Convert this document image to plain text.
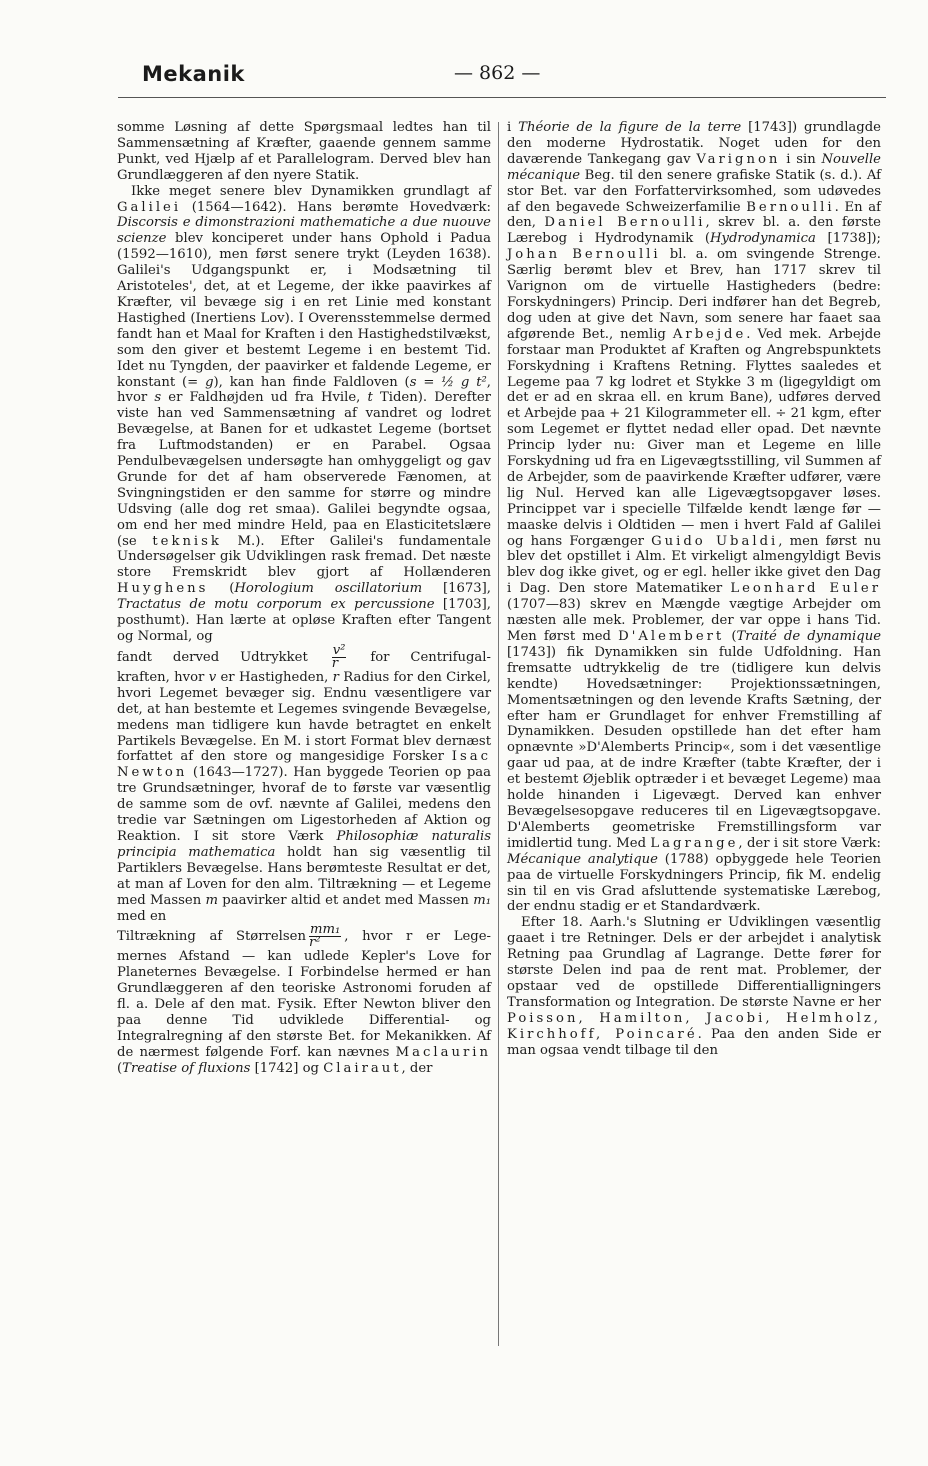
Mekanik	— 862 —

somme Løsning af dette Spørgsmaal ledtes han til Sammensætning af Kræfter, gaaende gennem samme Punkt, ved Hjælp af et Parallelogram. Derved blev han Grundlæggeren af den nyere Statik.

Ikke meget senere blev Dynamikken grundlagt af Galilei (1564—1642). Hans berømte Hovedværk: Discorsis e dimonstrazioni mathematiche a due nuouve scienze blev konciperet under hans Ophold i Padua (1592—1610), men først senere trykt (Leyden 1638). Galilei's Udgangspunkt er, i Modsætning til Aristoteles', det, at et Legeme, der ikke paavirkes af Kræfter, vil bevæge sig i en ret Linie med konstant Hastighed (Inertiens Lov). I Overensstemmelse dermed fandt han et Maal for Kraften i den Hastighedstilvækst, som den giver et bestemt Legeme i en bestemt Tid. Idet nu Tyngden, der paavirker et faldende Legeme, er konstant (= g), kan han finde Faldloven (s = ½ g t², hvor s er Faldhøjden ud fra Hvile, t Tiden). Derefter viste han ved Sammensætning af vandret og lodret Bevægelse, at Banen for et udkastet Legeme (bortset fra Luftmodstanden) er en Parabel. Ogsaa Pendulbevægelsen undersøgte han omhyggeligt og gav Grunde for det af ham observerede Fænomen, at Svingningstiden er den samme for større og mindre Udsving (alle dog ret smaa). Galilei begyndte ogsaa, om end her med mindre Held, paa en Elasticitetslære (se teknisk M.). Efter Galilei's fundamentale Undersøgelser gik Udviklingen rask fremad. Det næste store Fremskridt blev gjort af Hollænderen Huyghens (Horologium oscillatorium [1673], Tractatus de motu corporum ex percussione [1703], posthumt). Han lærte at opløse Kraften efter Tangent og Normal, og

fandt derved Udtrykket $\frac{\text{v²}}{r}$ for Centrifugal-

kraften, hvor v er Hastigheden, r Radius for den Cirkel, hvori Legemet bevæger sig. Endnu væsentligere var det, at han bestemte et Legemes svingende Bevægelse, medens man tidligere kun havde betragtet en enkelt Partikels Bevægelse. En M. i stort Format blev dernæst forfattet af den store og mangesidige Forsker Isac Newton (1643—1727). Han byggede Teorien op paa tre Grundsætninger, hvoraf de to første var væsentlig de samme som de ovf. nævnte af Galilei, medens den tredie var Sætningen om Ligestorheden af Aktion og Reaktion. I sit store Værk Philosophiæ naturalis principia mathematica holdt han sig væsentlig til Partiklers Bevægelse. Hans berømteste Resultat er det, at man af Loven for den alm. Tiltrækning — et Legeme med Massen m paavirker altid et andet med Massen m₁ med en

Tiltrækning af Størrelsen $\frac{\text{mm₁}}{\text{r²}}$ , hvor r er Lege-

mernes Afstand — kan udlede Kepler's Love for Planeternes Bevægelse. I Forbindelse hermed er han Grundlæggeren af den teoriske Astronomi foruden af fl. a. Dele af den mat. Fysik. Efter Newton bliver den paa denne Tid udviklede Differential- og Integralregning af den største Bet. for Mekanikken. Af de nærmest følgende Forf. kan nævnes Maclaurin (Treatise of fluxions [1742] og Clairaut, der

i Théorie de la figure de la terre [1743]) grundlagde den moderne Hydrostatik. Noget uden for den daværende Tankegang gav Varignon i sin Nouvelle mécanique Beg. til den senere grafiske Statik (s. d.). Af stor Bet. var den Forfattervirksomhed, som udøvedes af den begavede Schweizerfamilie Bernoulli. En af den, Daniel Bernoulli, skrev bl. a. den første Lærebog i Hydrodynamik (Hydrodynamica [1738]); Johan Bernoulli bl. a. om svingende Strenge. Særlig berømt blev et Brev, han 1717 skrev til Varignon om de virtuelle Hastigheders (bedre: Forskydningers) Princip. Deri indfører han det Begreb, dog uden at give det Navn, som senere har faaet saa afgørende Bet., nemlig Arbejde. Ved mek. Arbejde forstaar man Produktet af Kraften og Angrebspunktets Forskydning i Kraftens Retning. Flyttes saaledes et Legeme paa 7 kg lodret et Stykke 3 m (ligegyldigt om det er ad en skraa ell. en krum Bane), udføres derved et Arbejde paa + 21 Kilogrammeter ell. ÷ 21 kgm, efter som Legemet er flyttet nedad eller opad. Det nævnte Princip lyder nu: Giver man et Legeme en lille Forskydning ud fra en Ligevægtsstilling, vil Summen af de Arbejder, som de paavirkende Kræfter udfører, være lig Nul. Herved kan alle Ligevægtsopgaver løses. Princippet var i specielle Tilfælde kendt længe før — maaske delvis i Oldtiden — men i hvert Fald af Galilei og hans Forgænger Guido Ubaldi, men først nu blev det opstillet i Alm. Et virkeligt almengyldigt Bevis blev dog ikke givet, og er egl. heller ikke givet den Dag i Dag. Den store Matematiker Leonhard Euler (1707—83) skrev en Mængde vægtige Arbejder om næsten alle mek. Problemer, der var oppe i hans Tid. Men først med D'Alembert (Traité de dynamique [1743]) fik Dynamikken sin fulde Udfoldning. Han fremsatte udtrykkelig de tre (tidligere kun delvis kendte) Hovedsætninger: Projektionssætningen, Momentsætningen og den levende Krafts Sætning, der efter ham er Grundlaget for enhver Fremstilling af Dynamikken. Desuden opstillede han det efter ham opnævnte »D'Alemberts Princip«, som i det væsentlige gaar ud paa, at de indre Kræfter (tabte Kræfter, der i et bestemt Øjeblik optræder i et bevæget Legeme) maa holde hinanden i Ligevægt. Derved kan enhver Bevægelsesopgave reduceres til en Ligevægtsopgave. D'Alemberts geometriske Fremstillingsform var imidlertid tung. Med Lagrange, der i sit store Værk: Mécanique analytique (1788) opbyggede hele Teorien paa de virtuelle Forskydningers Princip, fik M. endelig sin til en vis Grad afsluttende systematiske Lærebog, der endnu stadig er et Standardværk.

Efter 18. Aarh.'s Slutning er Udviklingen væsentlig gaaet i tre Retninger. Dels er der arbejdet i analytisk Retning paa Grundlag af Lagrange. Dette fører for største Delen ind paa de rent mat. Problemer, der opstaar ved de opstillede Differentialligningers Transformation og Integration. De største Navne er her Poisson, Hamilton, Jacobi, Helmholz, Kirchhoff, Poincaré. Paa den anden Side er man ogsaa vendt tilbage til den
